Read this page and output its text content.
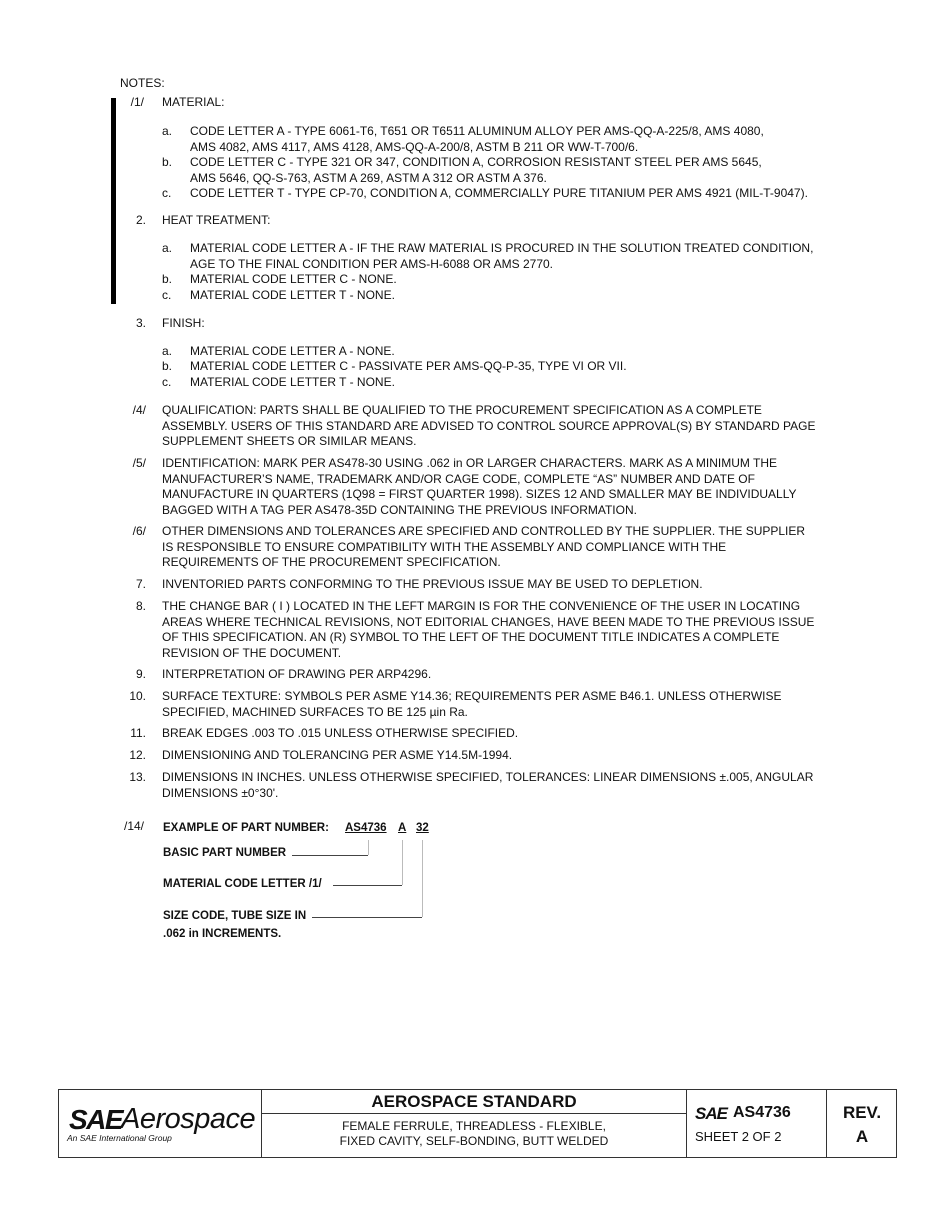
NOTES:
/1/ MATERIAL:
a. CODE LETTER A - TYPE 6061-T6, T651 OR T6511 ALUMINUM ALLOY PER AMS-QQ-A-225/8, AMS 4080,
AMS 4082, AMS 4117, AMS 4128, AMS-QQ-A-200/8, ASTM B 211 OR WW-T-700/6.
b. CODE LETTER C - TYPE 321 OR 347, CONDITION A, CORROSION RESISTANT STEEL PER AMS 5645,
AMS 5646, QQ-S-763, ASTM A 269, ASTM A 312 OR ASTM A 376.
c. CODE LETTER T - TYPE CP-70, CONDITION A, COMMERCIALLY PURE TITANIUM PER AMS 4921 (MIL-T-9047).
2. HEAT TREATMENT:
a. MATERIAL CODE LETTER A - IF THE RAW MATERIAL IS PROCURED IN THE SOLUTION TREATED CONDITION,
AGE TO THE FINAL CONDITION PER AMS-H-6088 OR AMS 2770.
b. MATERIAL CODE LETTER C - NONE.
c. MATERIAL CODE LETTER T - NONE.
3. FINISH:
a. MATERIAL CODE LETTER A - NONE.
b. MATERIAL CODE LETTER C - PASSIVATE PER AMS-QQ-P-35, TYPE VI OR VII.
c. MATERIAL CODE LETTER T - NONE.
/4/ QUALIFICATION: PARTS SHALL BE QUALIFIED TO THE PROCUREMENT SPECIFICATION AS A COMPLETE
ASSEMBLY. USERS OF THIS STANDARD ARE ADVISED TO CONTROL SOURCE APPROVAL(S) BY STANDARD PAGE
SUPPLEMENT SHEETS OR SIMILAR MEANS.
/5/ IDENTIFICATION: MARK PER AS478-30 USING .062 in OR LARGER CHARACTERS. MARK AS A MINIMUM THE
MANUFACTURER’S NAME, TRADEMARK AND/OR CAGE CODE, COMPLETE “AS” NUMBER AND DATE OF
MANUFACTURE IN QUARTERS (1Q98 = FIRST QUARTER 1998). SIZES 12 AND SMALLER MAY BE INDIVIDUALLY
BAGGED WITH A TAG PER AS478-35D CONTAINING THE PREVIOUS INFORMATION.
/6/ OTHER DIMENSIONS AND TOLERANCES ARE SPECIFIED AND CONTROLLED BY THE SUPPLIER. THE SUPPLIER
IS RESPONSIBLE TO ENSURE COMPATIBILITY WITH THE ASSEMBLY AND COMPLIANCE WITH THE
REQUIREMENTS OF THE PROCUREMENT SPECIFICATION.
7. INVENTORIED PARTS CONFORMING TO THE PREVIOUS ISSUE MAY BE USED TO DEPLETION.
8. THE CHANGE BAR ( I ) LOCATED IN THE LEFT MARGIN IS FOR THE CONVENIENCE OF THE USER IN LOCATING
AREAS WHERE TECHNICAL REVISIONS, NOT EDITORIAL CHANGES, HAVE BEEN MADE TO THE PREVIOUS ISSUE
OF THIS SPECIFICATION. AN (R) SYMBOL TO THE LEFT OF THE DOCUMENT TITLE INDICATES A COMPLETE
REVISION OF THE DOCUMENT.
9. INTERPRETATION OF DRAWING PER ARP4296.
10. SURFACE TEXTURE: SYMBOLS PER ASME Y14.36; REQUIREMENTS PER ASME B46.1. UNLESS OTHERWISE
SPECIFIED, MACHINED SURFACES TO BE 125 µin Ra.
11. BREAK EDGES .003 TO .015 UNLESS OTHERWISE SPECIFIED.
12. DIMENSIONING AND TOLERANCING PER ASME Y14.5M-1994.
13. DIMENSIONS IN INCHES. UNLESS OTHERWISE SPECIFIED, TOLERANCES: LINEAR DIMENSIONS ±.005, ANGULAR
DIMENSIONS ±0°30'.
/14/ EXAMPLE OF PART NUMBER: AS4736 A 32
BASIC PART NUMBER
MATERIAL CODE LETTER /1/
SIZE CODE, TUBE SIZE IN
.062 in INCREMENTS.
SAE
Aerospace
An SAE International Group
AEROSPACE STANDARD
FEMALE FERRULE, THREADLESS - FLEXIBLE,
FIXED CAVITY, SELF-BONDING, BUTT WELDED
SAE AS4736
SHEET 2 OF 2
REV.
A
